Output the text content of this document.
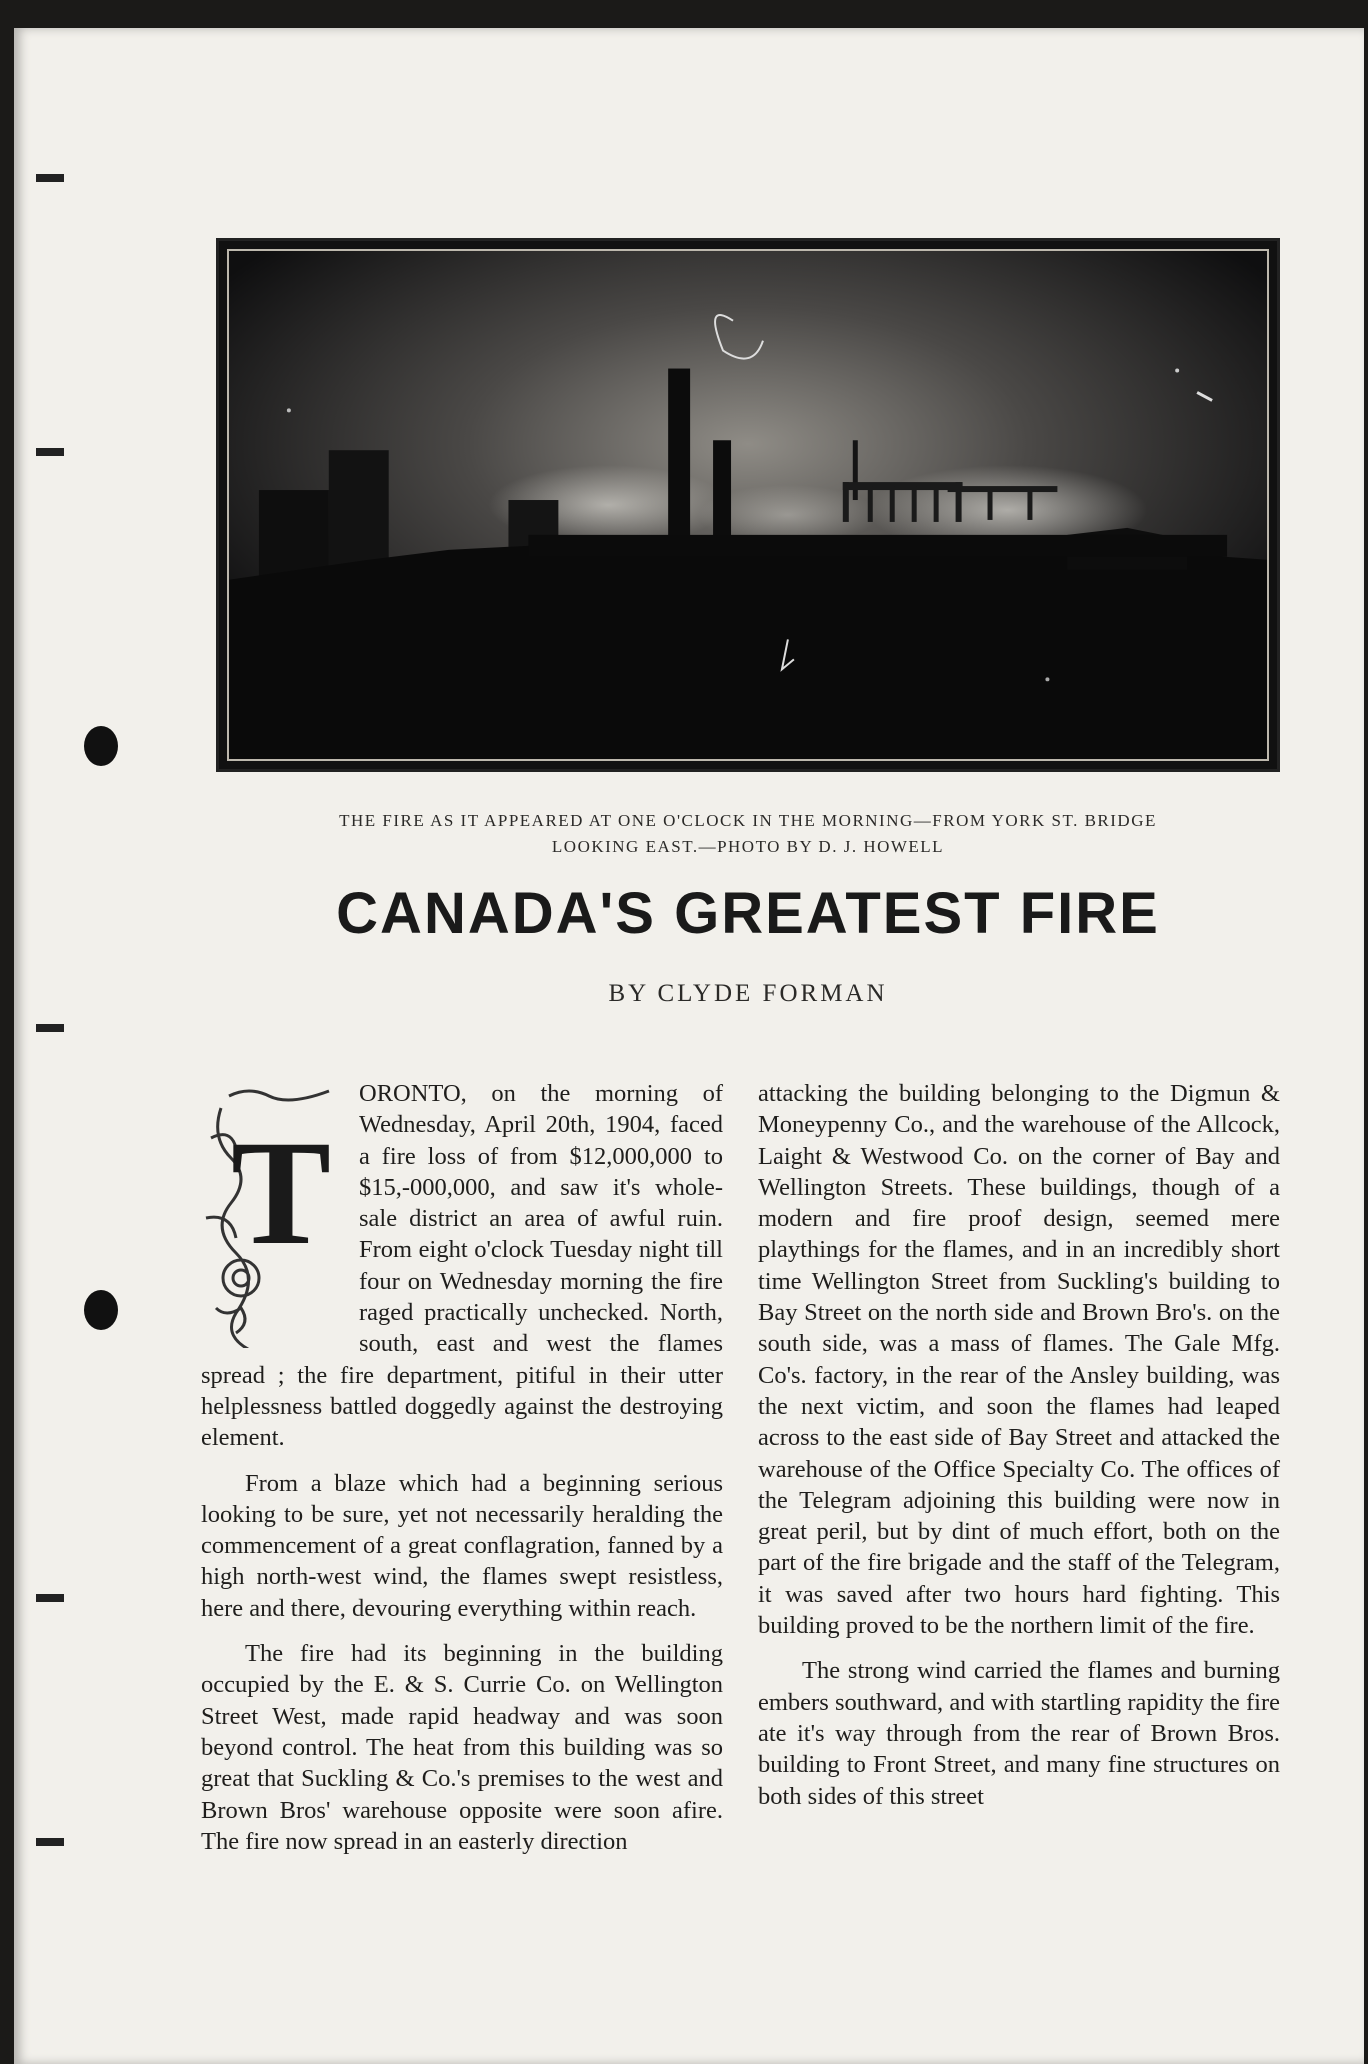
THE FIRE AS IT APPEARED AT ONE O'CLOCK IN THE MORNING—FROM YORK ST. BRIDGE
LOOKING EAST.—PHOTO BY D. J. HOWELL
CANADA'S GREATEST FIRE
BY CLYDE FORMAN
T

ORONTO, on the morning of Wednesday, April 20th, 1904, faced a fire loss of from $12,000,000 to $15,-000,000, and saw it's whole-sale district an area of awful ruin. From eight o'clock Tuesday night till four on Wednesday morning the fire raged practically unchecked. North, south, east and west the flames spread ; the fire department, pitiful in their utter helplessness battled doggedly against the destroying element.

From a blaze which had a beginning serious looking to be sure, yet not necessarily heralding the commencement of a great conflagration, fanned by a high north-west wind, the flames swept resistless, here and there, devouring everything within reach.

The fire had its beginning in the building occupied by the E. & S. Currie Co. on Wellington Street West, made rapid headway and was soon beyond control. The heat from this building was so great that Suckling & Co.'s premises to the west and Brown Bros' warehouse opposite were soon afire. The fire now spread in an easterly direction

attacking the building belonging to the Digmun & Moneypenny Co., and the warehouse of the Allcock, Laight & Westwood Co. on the corner of Bay and Wellington Streets. These buildings, though of a modern and fire proof design, seemed mere playthings for the flames, and in an incredibly short time Wellington Street from Suckling's building to Bay Street on the north side and Brown Bro's. on the south side, was a mass of flames. The Gale Mfg. Co's. factory, in the rear of the Ansley building, was the next victim, and soon the flames had leaped across to the east side of Bay Street and attacked the warehouse of the Office Specialty Co. The offices of the Telegram adjoining this building were now in great peril, but by dint of much effort, both on the part of the fire brigade and the staff of the Telegram, it was saved after two hours hard fighting. This building proved to be the northern limit of the fire.

The strong wind carried the flames and burning embers southward, and with startling rapidity the fire ate it's way through from the rear of Brown Bros. building to Front Street, and many fine structures on both sides of this street
